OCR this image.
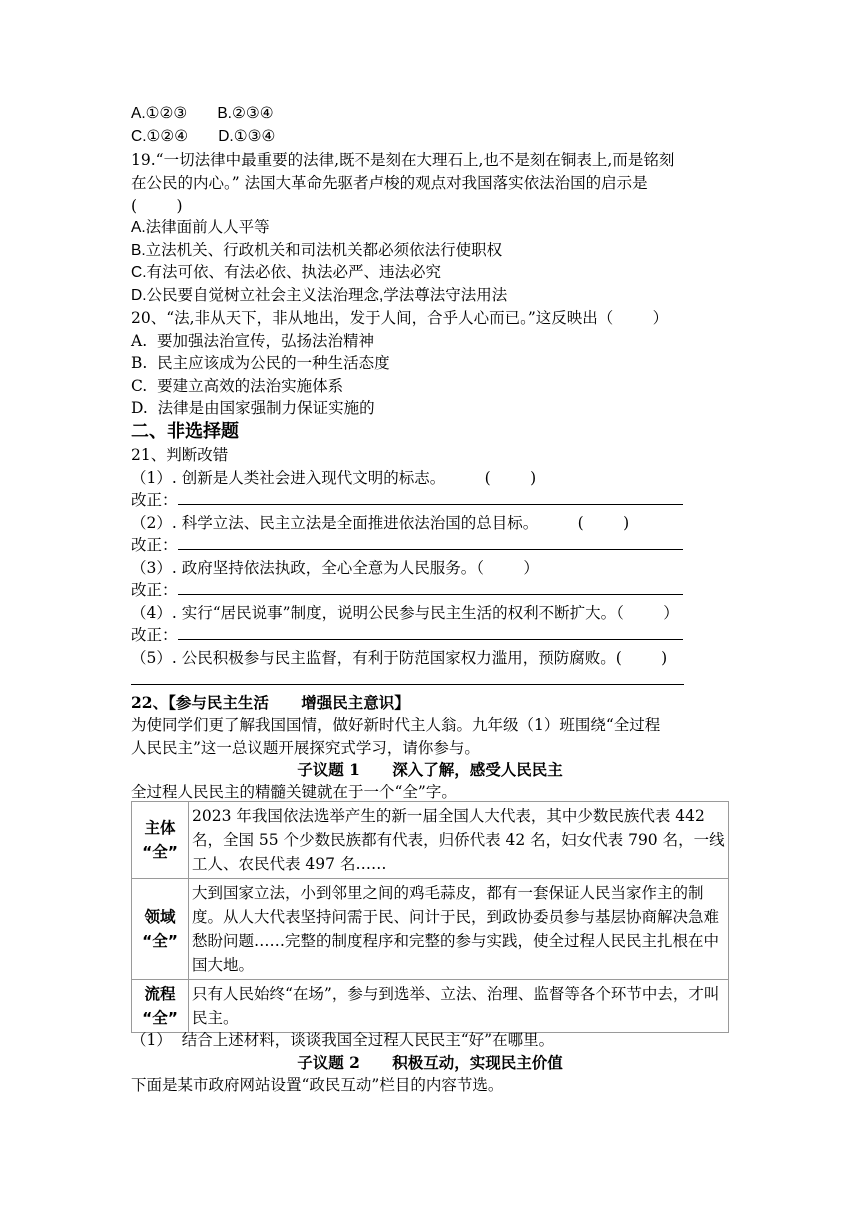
A.①②③ B.②③④
C.①②④ D.①③④
19.“一切法律中最重要的法律,既不是刻在大理石上,也不是刻在铜表上,而是铭刻
在公民的内心。” 法国大革命先驱者卢梭的观点对我国落实依法治国的启示是
(        )
A.法律面前人人平等
B.立法机关、行政机关和司法机关都必须依法行使职权
C.有法可依、有法必依、执法必严、违法必究
D.公民要自觉树立社会主义法治理念,学法尊法守法用法
20、“法,非从天下，非从地出，发于人间，合乎人心而已。”这反映出（        ）
A.  要加强法治宣传，弘扬法治精神
B.  民主应该成为公民的一种生活态度
C.  要建立高效的法治实施体系
D.  法律是由国家强制力保证实施的
二、非选择题
21、判断改错
（1）. 创新是人类社会进入现代文明的标志。        (        )
改正：
（2）. 科学立法、民主立法是全面推进依法治国的总目标。        (        )
改正：
（3）. 政府坚持依法执政，全心全意为人民服务。（        ）
改正：
（4）. 实行“居民说事”制度，说明公民参与民主生活的权利不断扩大。（        ）
改正：
（5）. 公民积极参与民主监督，有利于防范国家权力滥用，预防腐败。(        )
22、【参与民主生活      增强民主意识】
为使同学们更了解我国国情，做好新时代主人翁。九年级（1）班围绕“全过程
人民民主”这一总议题开展探究式学习，请你参与。
子议题 1      深入了解，感受人民民主
全过程人民民主的精髓关键就在于一个“全”字。
主体
“全”	2023 年我国依法选举产生的新一届全国人大代表，其中少数民族代表 442 名，全国 55 个少数民族都有代表，归侨代表 42 名，妇女代表 790 名，一线工人、农民代表 497 名……
领域
“全”	大到国家立法，小到邻里之间的鸡毛蒜皮，都有一套保证人民当家作主的制度。从人大代表坚持问需于民、问计于民，到政协委员参与基层协商解决急难愁盼问题……完整的制度程序和完整的参与实践，使全过程人民民主扎根在中国大地。
流程
“全”	只有人民始终“在场”，参与到选举、立法、治理、监督等各个环节中去，才叫民主。
（1）  结合上述材料，谈谈我国全过程人民民主“好”在哪里。
子议题 2      积极互动，实现民主价值
下面是某市政府网站设置“政民互动”栏目的内容节选。
